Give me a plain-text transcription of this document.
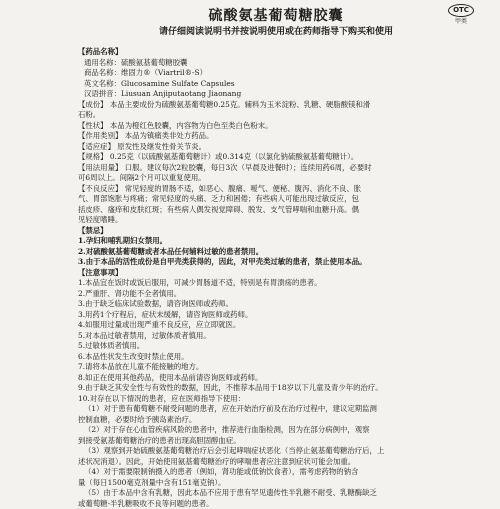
硫酸氨基葡萄糖胶囊
请仔细阅读说明书并按说明使用或在药师指导下购买和使用
OTC
甲类
【药品名称】
通用名称：硫酸氨基葡萄糖胶囊
商品名称：维固力®（Viartril®-S）
英文名称：Glucosamine Sulfate Capsules
汉语拼音：Liusuan Anjiputaotang Jiaonang
【成份】 本品主要成份为硫酸氨基葡萄糖0.25克。辅料为玉米淀粉、乳糖、硬脂酸镁和滑
石粉。
【性状】 本品为橙红色胶囊，内容物为白色至类白色粉末。
【作用类别】 本品为镇痛类非处方药品。
【适应症】 原发性及继发性骨关节炎。
【规格】 0.25克（以硫酸氨基葡萄糖计）或0.314克（以氯化钠硫酸氨基葡萄糖计）。
【用法用量】 口服。建议每次2粒胶囊，每日3次（早晨及进餐时）；连续用药6周，必要时
可6周以上。间隔2个月可以重复使用。
【不良反应】 常见轻度的胃肠不适，如恶心、腹痛、嗳气、便秘、腹泻、消化不良、胀
气、胃部饱胀与疼痛；常见轻度的头痛、乏力和困倦；有些病人可能出现过敏反应，包
括皮疹、瘙痒和皮肤红斑；有些病人偶发视觉障碍、脱发、支气管哮喘和血糖升高。偶
见轻度嗜睡。
【禁忌】
1.孕妇和哺乳期妇女禁用。
2.对硫酸氨基葡萄糖或者本品任何辅料过敏的患者禁用。
3.由于本品的活性成份是自甲壳类获得的，因此，对甲壳类过敏的患者，禁止使用本品。
【注意事项】
1.本品宜在饭时或饭后服用，可减少胃肠道不适，特别是有胃溃疡的患者。
2.严重肝、肾功能不全者慎用。
3.由于缺乏临床试验数据，请咨询医师或药师。
3.用药1个疗程后，症状未缓解，请咨询医师或药师。
4.如服用过量或出现严重不良反应，应立即就医。
5.对本品过敏者禁用，过敏体质者慎用。
5.过敏体质者慎用。
6.本品性状发生改变时禁止使用。
7.请将本品放在儿童不能接触的地方。
8.如正在使用其他药品，使用本品前请咨询医师或药师。
9.由于缺乏其安全性与有效性的数据，因此，不推荐本品用于18岁以下儿童及青少年的治疗。
10.对存在以下情况的患者，应在医师指导下使用：
（1）对于患有葡萄糖不耐受问题的患者，应在开始治疗前及在治疗过程中，建议定期监测
控制血糖，必要时给予胰岛素治疗。
（2）对于存在心血管疾病风险的患者中，推荐进行血脂检测，因为在部分病例中，观察
到接受氨基葡萄糖治疗的患者出现高胆固醇血症。
（3）观察到开始硫酸氨基葡萄糖治疗后会引起哮喘症状恶化（当停止氨基葡萄糖治疗后，上
述状况消退）。因此，开始使用氨基葡萄糖治疗的哮喘患者应注意到症状可能会加重。
（4）对于需要限制钠摄入的患者（例如，肾功能或低钠饮食者），需考虑药物的钠含
量（每日1500毫克剂量中含有151毫克钠）。
（5）由于本品中含有乳糖，因此本品不应用于患有罕见遗传性半乳糖不耐受、乳糖酶缺乏
或葡萄糖-半乳糖吸收不良等问题的患者。
